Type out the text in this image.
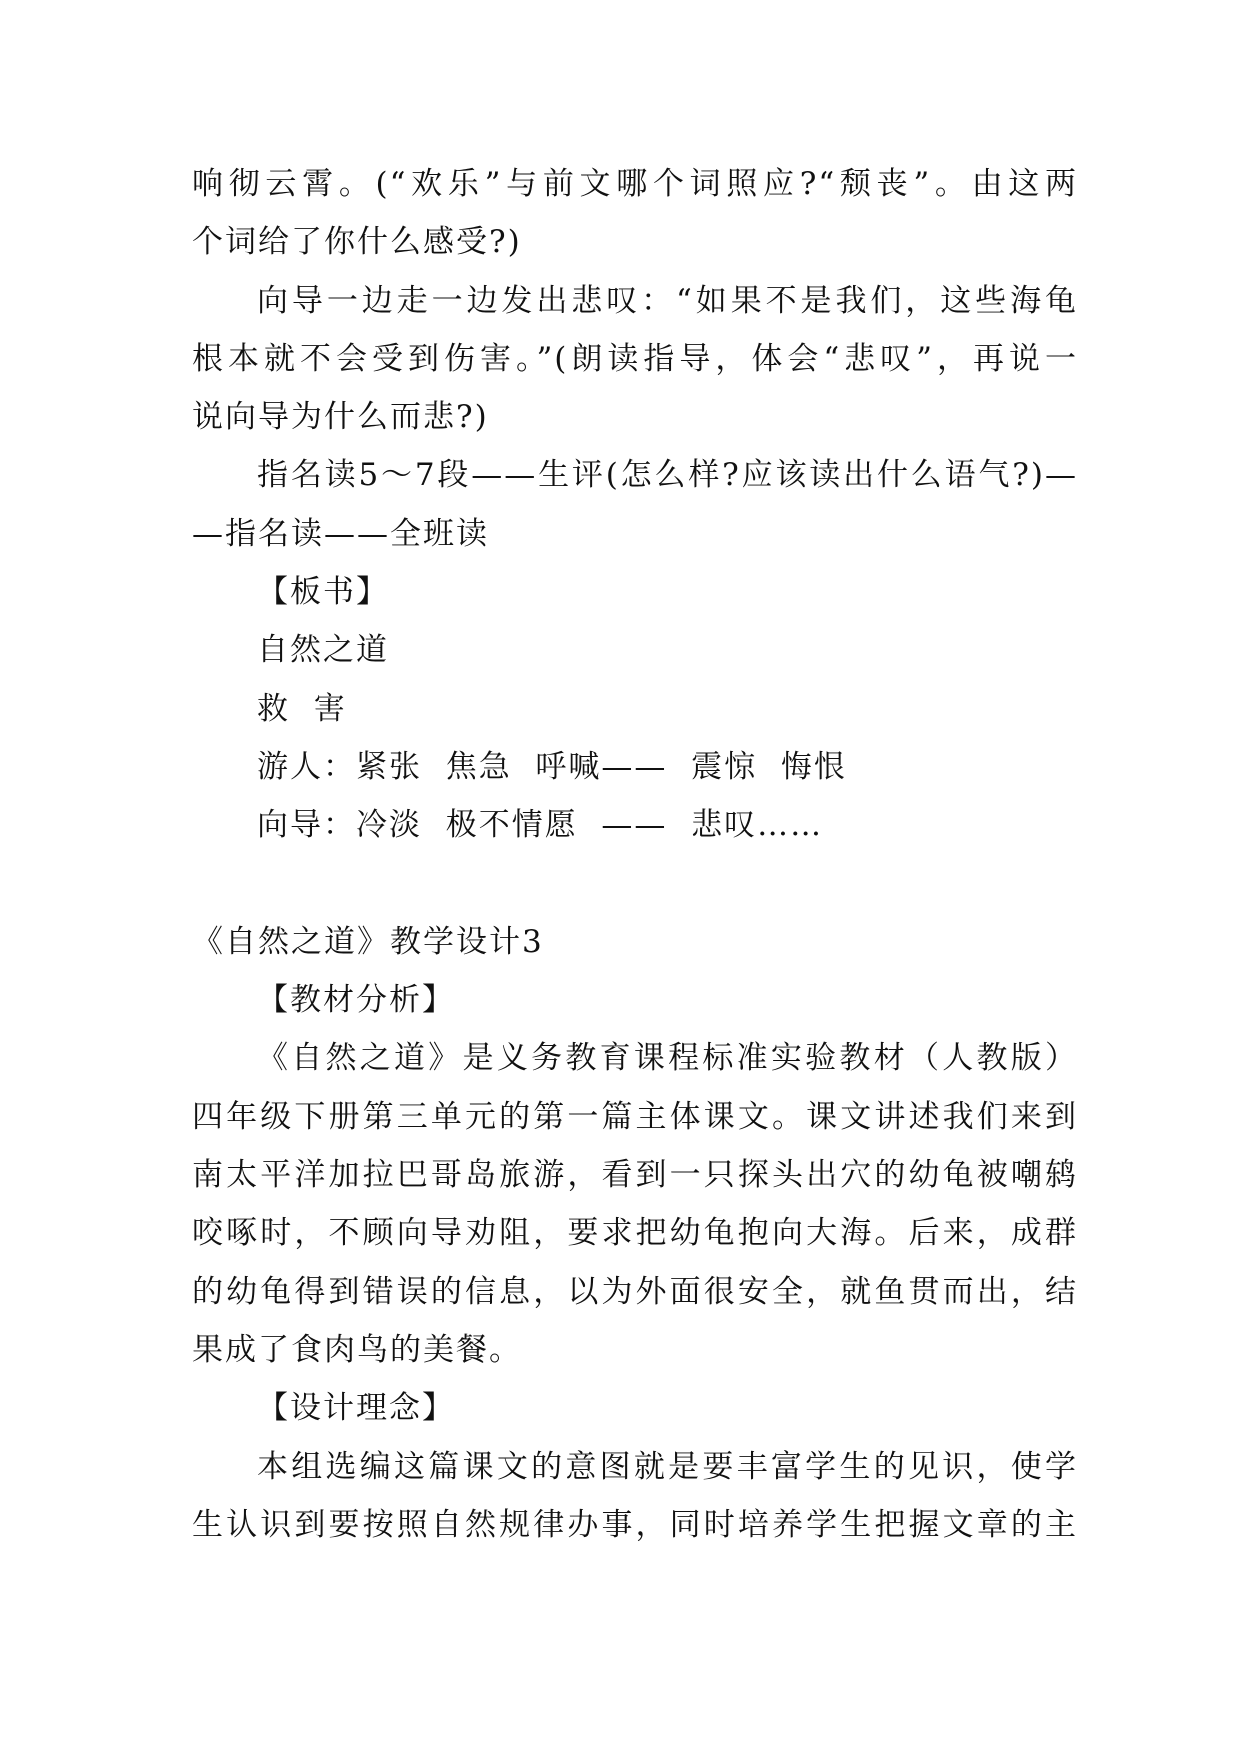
响彻云霄。(“欢乐”与前文哪个词照应?“颓丧”。由这两
个词给了你什么感受?)
向导一边走一边发出悲叹：“如果不是我们，这些海龟
根本就不会受到伤害。”(朗读指导，体会“悲叹”，再说一
说向导为什么而悲?)
指名读5～7段——生评(怎么样?应该读出什么语气?)—
—指名读——全班读
【板书】
自然之道
救  害
游人：紧张  焦急  呼喊——  震惊  悔恨
向导：冷淡  极不情愿  ——  悲叹……
《自然之道》教学设计3
【教材分析】
《自然之道》是义务教育课程标准实验教材（人教版）
四年级下册第三单元的第一篇主体课文。课文讲述我们来到
南太平洋加拉巴哥岛旅游，看到一只探头出穴的幼龟被嘲鸫
咬啄时，不顾向导劝阻，要求把幼龟抱向大海。后来，成群
的幼龟得到错误的信息，以为外面很安全，就鱼贯而出，结
果成了食肉鸟的美餐。
【设计理念】
本组选编这篇课文的意图就是要丰富学生的见识，使学
生认识到要按照自然规律办事，同时培养学生把握文章的主
